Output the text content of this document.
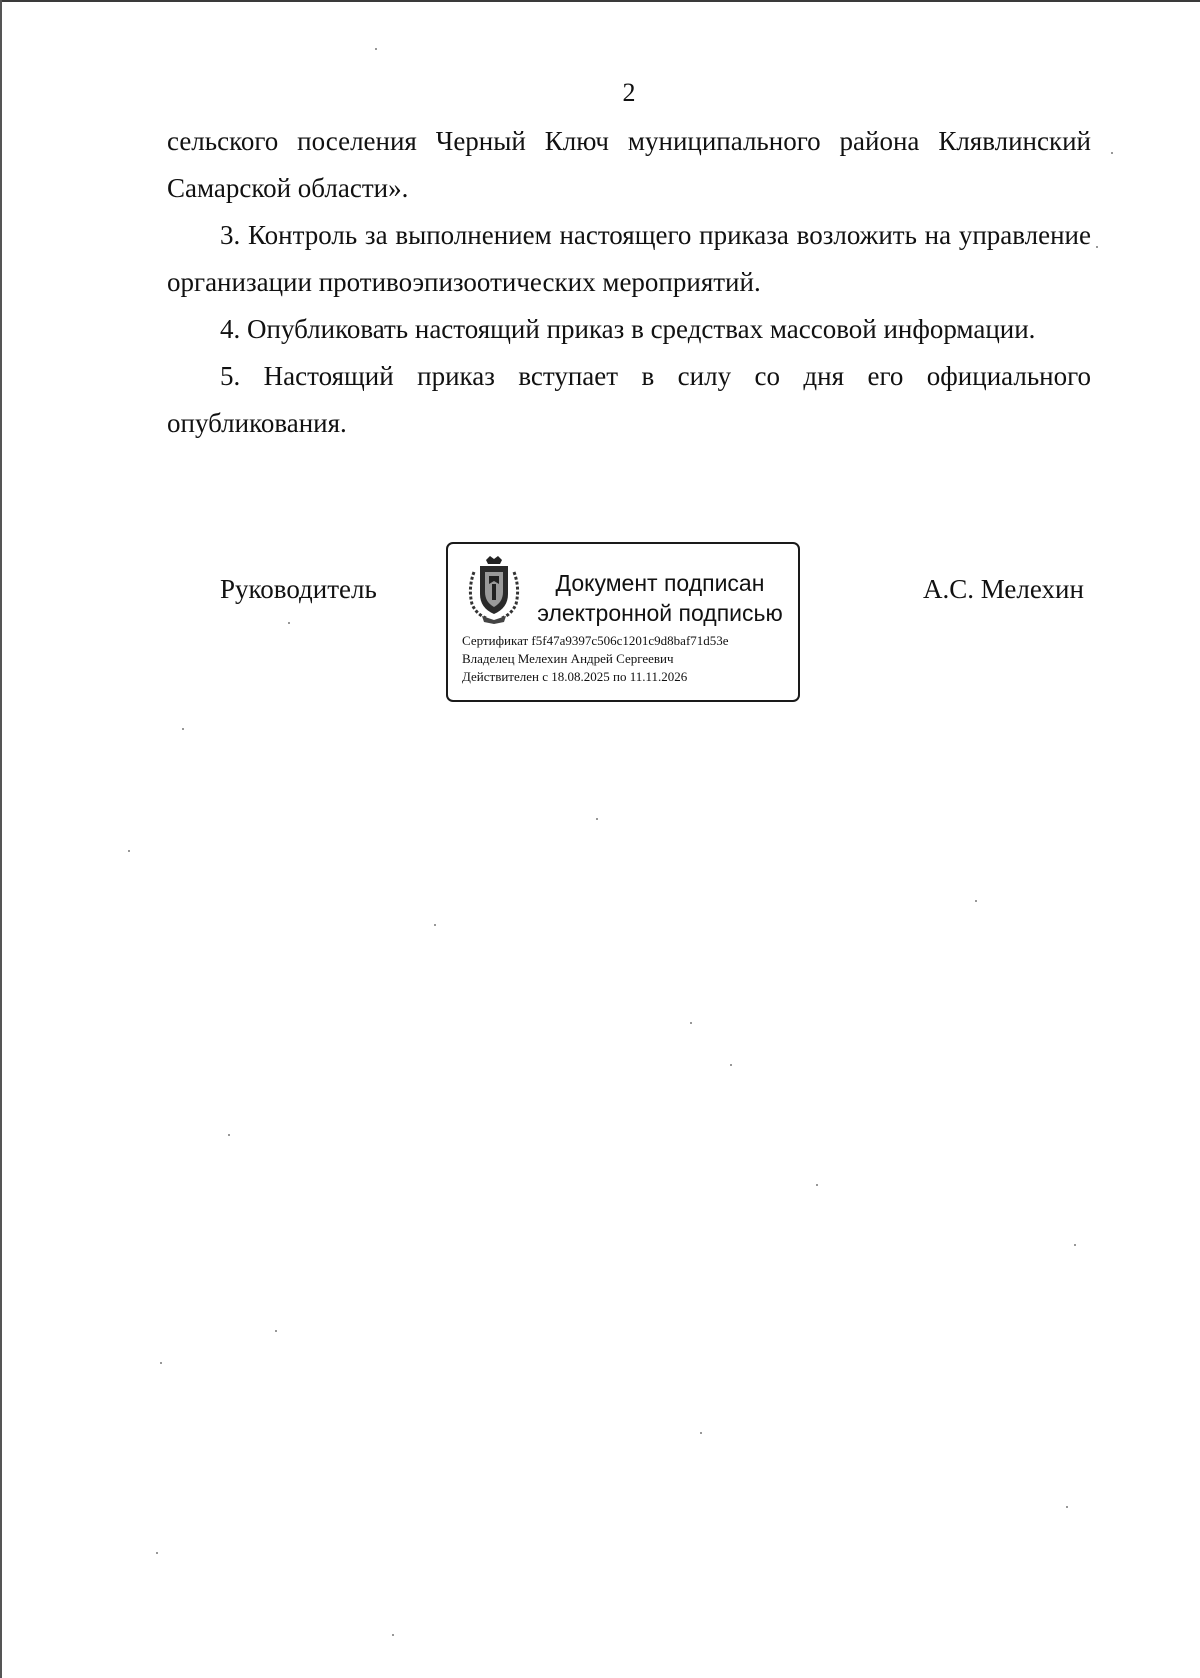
2

сельского поселения Черный Ключ муниципального района Клявлинский Самарской области».

3. Контроль за выполнением настоящего приказа возложить на управление организации противоэпизоотических мероприятий.

4. Опубликовать настоящий приказ в средствах массовой информации.

5. Настоящий приказ вступает в силу со дня его официального опубликования.

Руководитель	Документ подписан
электронной подписью
Сертификат f5f47a9397c506c1201c9d8baf71d53e
Владелец Мелехин Андрей Сергеевич
Действителен с 18.08.2025 по 11.11.2026
А.С. Мелехин
